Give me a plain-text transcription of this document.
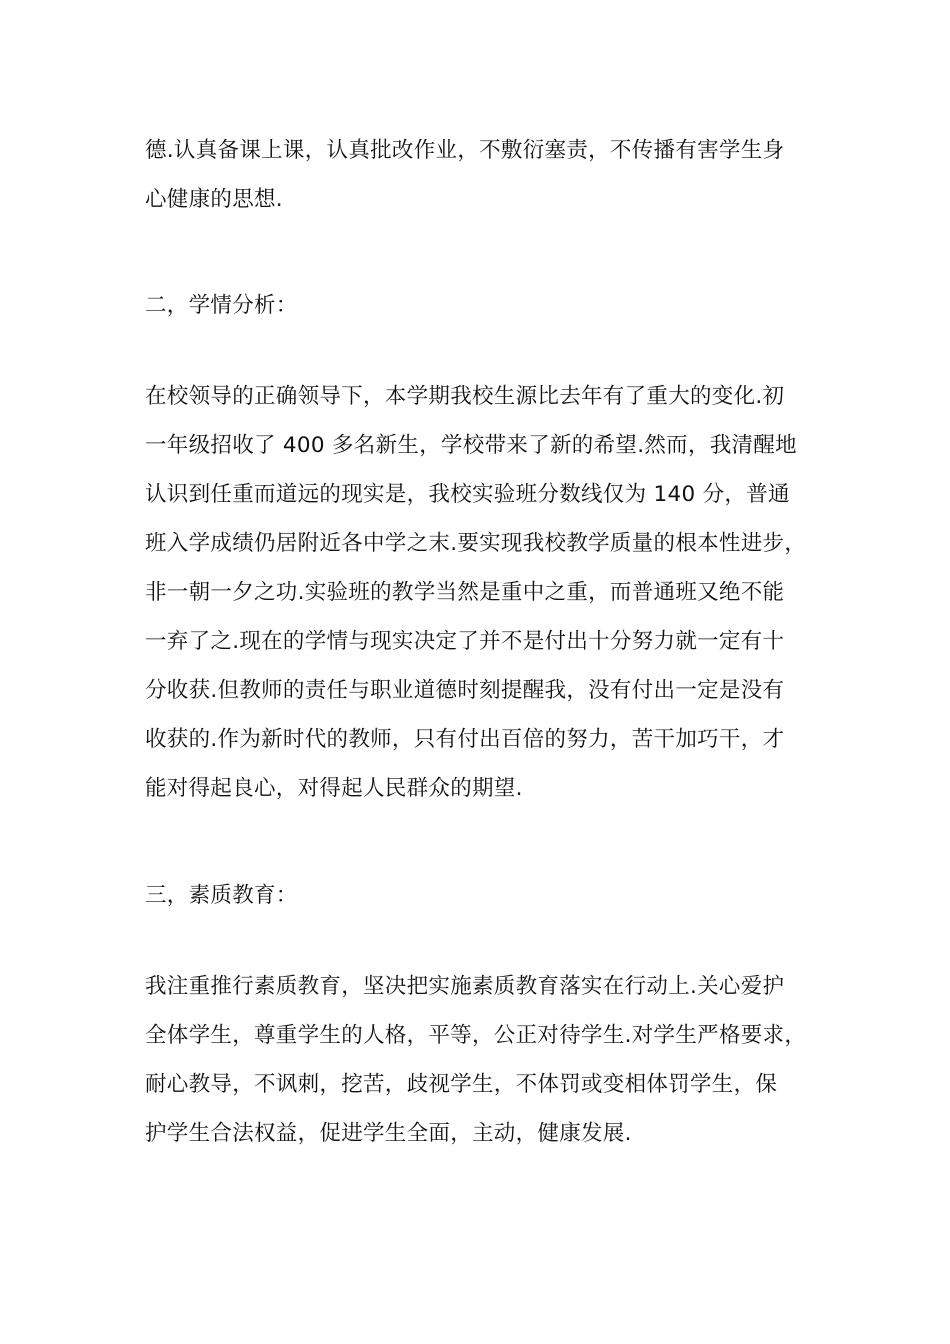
德.认真备课上课，认真批改作业，不敷衍塞责，不传播有害学生身
心健康的思想.
二，学情分析：
在校领导的正确领导下，本学期我校生源比去年有了重大的变化.初
一年级招收了 400 多名新生，学校带来了新的希望.然而，我清醒地
认识到任重而道远的现实是，我校实验班分数线仅为 140 分，普通
班入学成绩仍居附近各中学之末.要实现我校教学质量的根本性进步，
非一朝一夕之功.实验班的教学当然是重中之重，而普通班又绝不能
一弃了之.现在的学情与现实决定了并不是付出十分努力就一定有十
分收获.但教师的责任与职业道德时刻提醒我，没有付出一定是没有
收获的.作为新时代的教师，只有付出百倍的努力，苦干加巧干，才
能对得起良心，对得起人民群众的期望.
三，素质教育：
我注重推行素质教育，坚决把实施素质教育落实在行动上.关心爱护
全体学生，尊重学生的人格，平等，公正对待学生.对学生严格要求，
耐心教导，不讽刺，挖苦，歧视学生，不体罚或变相体罚学生，保
护学生合法权益，促进学生全面，主动，健康发展.
